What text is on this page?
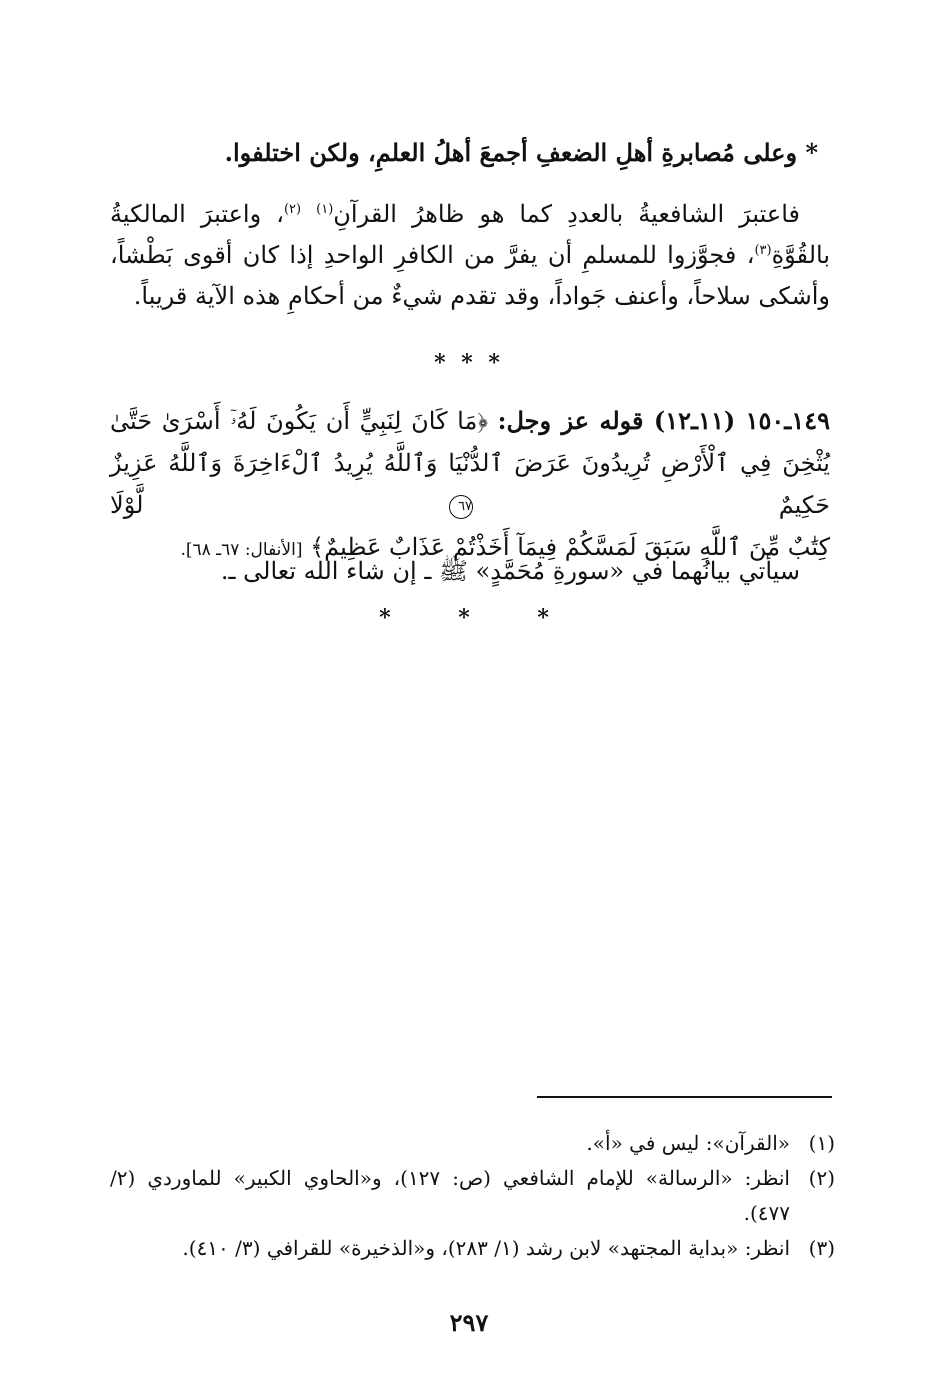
* وعلى مُصابرةِ أهلِ الضعفِ أجمعَ أهلُ العلمِ، ولكن اختلفوا.
فاعتبرَ الشافعيةُ بالعددِ كما هو ظاهرُ القرآنِ$^{(١)}$ $^{(٢)}$، واعتبرَ المالكيةُ
بالقُوَّةِ$^{(٣)}$، فجوَّزوا للمسلمِ أن يفرَّ من الكافرِ الواحدِ إذا كان أقوى بَطْشاً،
وأشكى سلاحاً، وأعنف جَواداً، وقد تقدم شيءٌ من أحكامِ هذه الآية قريباً.
* * *
١٤٩ـ١٥٠ (١١ـ١٢) قوله عز وجل: ﴿مَا كَانَ لِنَبِيٍّ أَن يَكُونَ لَهُۥٓ أَسْرَىٰ حَتَّىٰ
يُثْخِنَ فِي ٱلْأَرْضِ تُرِيدُونَ عَرَضَ ٱلدُّنْيَا وَٱللَّهُ يُرِيدُ ٱلْءَاخِرَةَ وَٱللَّهُ عَزِيزٌ حَكِيمٌ ٦٧ لَّوْلَا
كِتَٰبٌ مِّنَ ٱللَّهِ سَبَقَ لَمَسَّكُمْ فِيمَآ أَخَذْتُمْ عَذَابٌ عَظِيمٌ﴾ [الأنفال: ٦٧ـ ٦٨].
سيأتي بيانُهما في «سورةِ مُحَمَّدٍ» ﷺ ـ إن شاء الله تعالى ـ.
* * *
(١)
«القرآن»: ليس في «أ».
(٢)
انظر: «الرسالة» للإمام الشافعي (ص: ١٢٧)، و«الحاوي الكبير» للماوردي (٢/ ٤٧٧).
(٣)
انظر: «بداية المجتهد» لابن رشد (١/ ٢٨٣)، و«الذخيرة» للقرافي (٣/ ٤١٠).
٢٩٧
